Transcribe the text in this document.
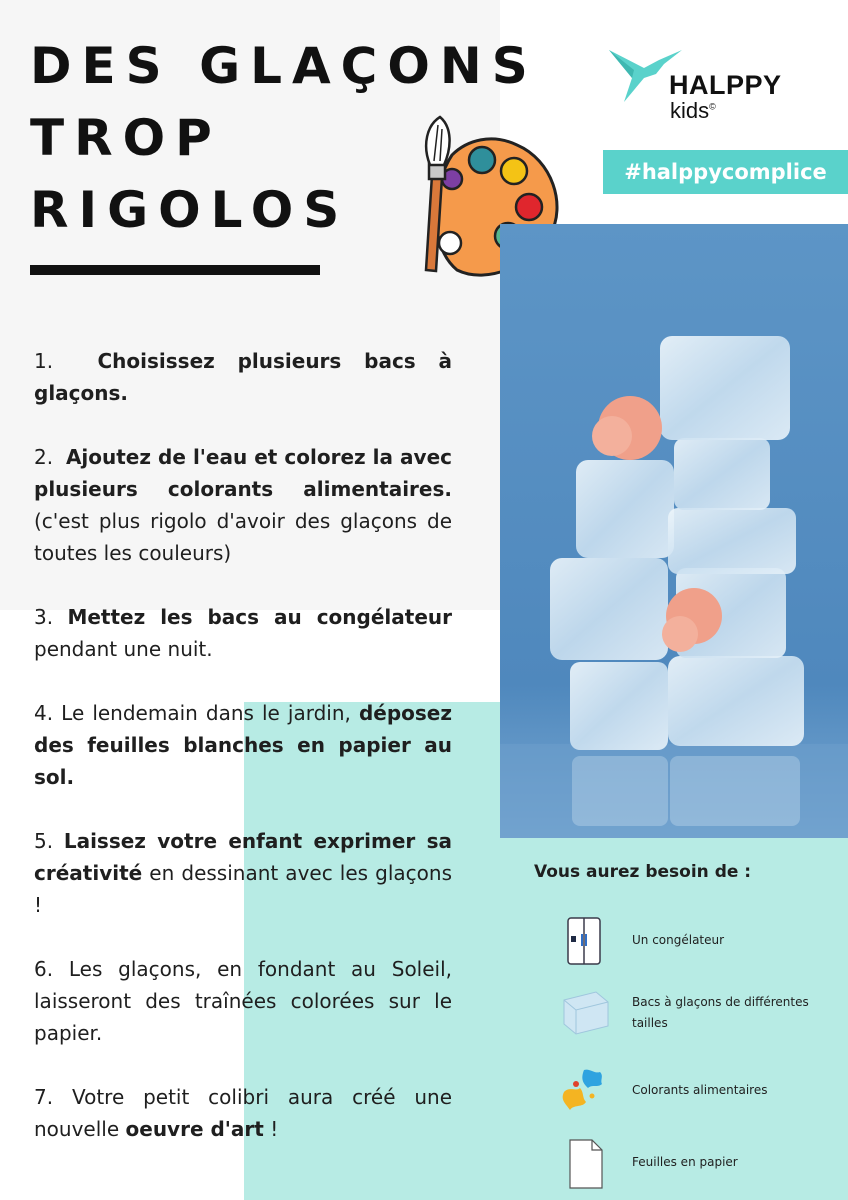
DES GLAÇONS
TROP
RIGOLOS
HALPPY
kids©
#halppycomplice

1. Choisissez plusieurs bacs à glaçons.

2. Ajoutez de l'eau et colorez la avec plusieurs colorants alimentaires. (c'est plus rigolo d'avoir des glaçons de toutes les couleurs)

3. Mettez les bacs au congélateur pendant une nuit.

4. Le lendemain dans le jardin, déposez des feuilles blanches en papier au sol.

5. Laissez votre enfant exprimer sa créativité en dessinant avec les glaçons !

6. Les glaçons, en fondant au Soleil, laisseront des traînées colorées sur le papier.

7. Votre petit colibri aura créé une nouvelle oeuvre d'art !

Vous aurez besoin de :
Un congélateur
Bacs à glaçons de différentes tailles
Colorants alimentaires
Feuilles en papier
